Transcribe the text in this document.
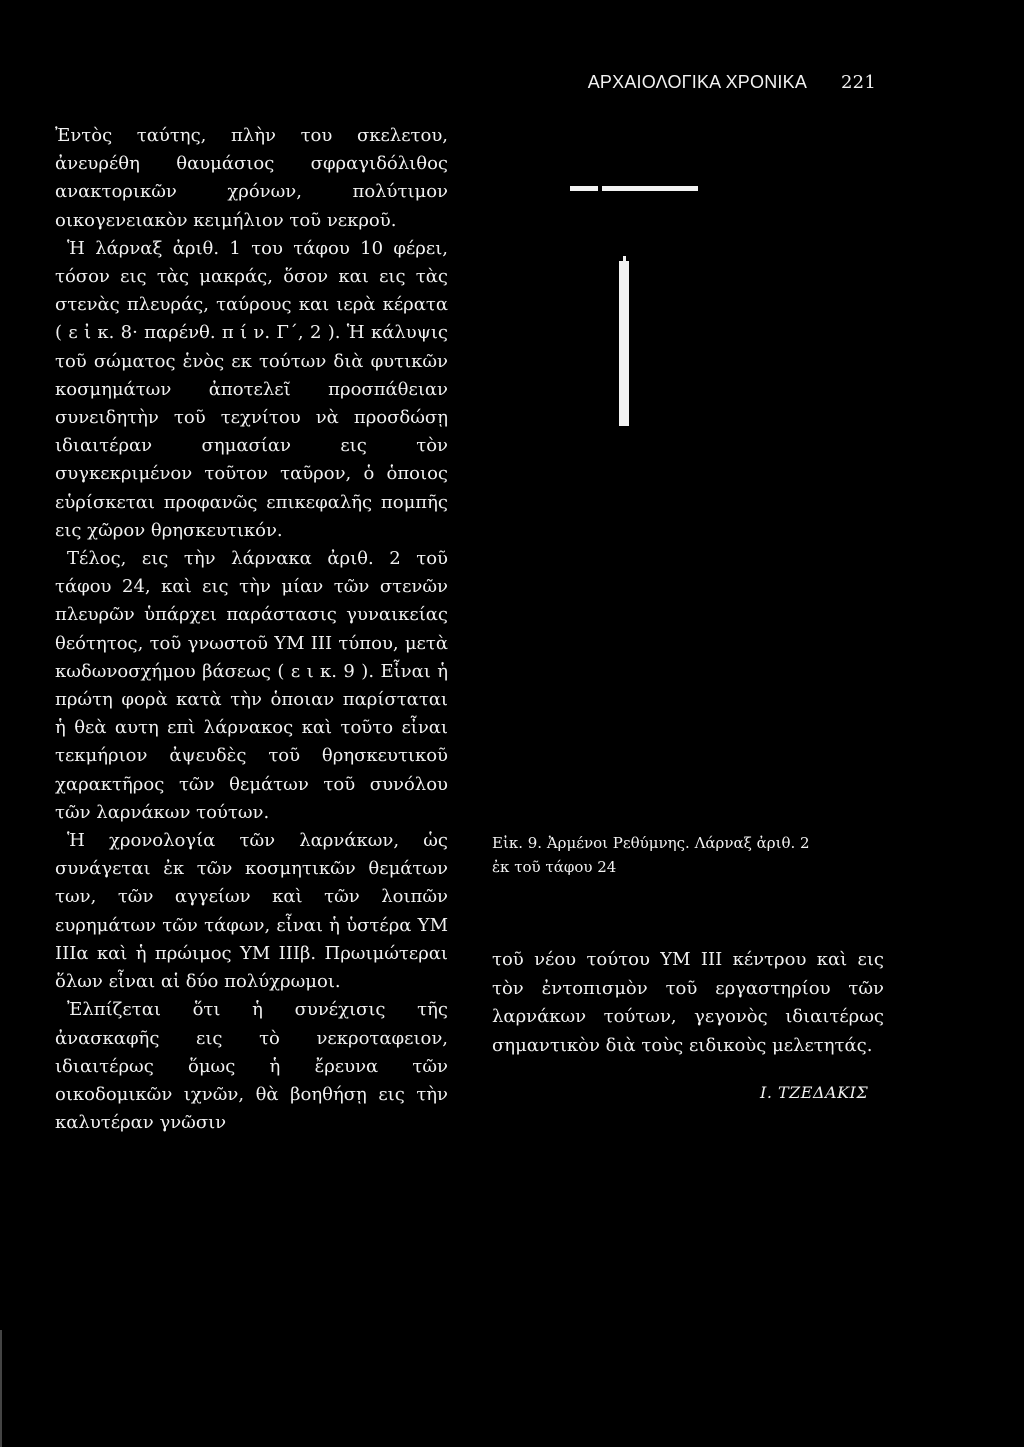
ΑΡΧΑΙΟΛΟΓΙΚΑ ΧΡΟΝΙΚΑ 221

Ἐντὸς ταύτης, πλὴν του σκελετου, ἀνευρέθη θαυμάσιος σφραγιδόλιθος ανακτορικῶν χρόνων, πολύτιμον οικογενειακὸν κειμήλιον τοῦ νεκροῦ.

Ἡ λάρναξ ἀριθ. 1 του τάφου 10 φέρει, τόσον εις τὰς μακράς, ὅσον και εις τὰς στενὰς πλευράς, ταύρους και ιερὰ κέρατα ( ε ἰ κ. 8· παρένθ. π ί ν. Γ΄, 2 ). Ἡ κάλυψις τοῦ σώματος ἑνὸς εκ τούτων διὰ φυτικῶν κοσμημάτων ἀποτελεῖ προσπάθειαν συνειδητὴν τοῦ τεχνίτου νὰ προσδώσῃ ιδιαιτέραν σημασίαν εις τὸν συγκεκριμένον τοῦτον ταῦρον, ὁ ὁποιος εὑρίσκεται προφανῶς επικεφαλῆς πομπῆς εις χῶρον θρησκευτικόν.

Τέλος, εις τὴν λάρνακα ἀριθ. 2 τοῦ τάφου 24, καὶ εις τὴν μίαν τῶν στενῶν πλευρῶν ὑπάρχει παράστασις γυναικείας θεότητος, τοῦ γνωστοῦ ΥΜ ΙΙΙ τύπου, μετὰ κωδωνοσχήμου βάσεως ( ε ι κ. 9 ). Εἶναι ἡ πρώτη φορὰ κατὰ τὴν ὁποιαν παρίσταται ἡ θεὰ αυτη επὶ λάρνακος καὶ τοῦτο εἶναι τεκμήριον ἀψευδὲς τοῦ θρησκευτικοῦ χαρακτῆρος τῶν θεμάτων τοῦ συνόλου τῶν λαρνάκων τούτων.

Ἡ χρονολογία τῶν λαρνάκων, ὡς συνάγεται ἐκ τῶν κοσμητικῶν θεμάτων των, τῶν αγγείων καὶ τῶν λοιπῶν ευρημάτων τῶν τάφων, εἶναι ἡ ὑστέρα ΥΜ ΙΙΙα καὶ ἡ πρώιμος ΥΜ ΙΙΙβ. Πρωιμώτεραι ὅλων εἶναι αἱ δύο πολύχρωμοι.

Ἐλπίζεται ὅτι ἡ συνέχισις τῆς ἀνασκαφῆς εις τὸ νεκροταφειον, ιδιαιτέρως ὅμως ἡ ἔρευνα τῶν οικοδομικῶν ιχνῶν, θὰ βοηθήσῃ εις τὴν καλυτέραν γνῶσιν

Εἰκ. 9. Ἀρμένοι Ρεθύμνης. Λάρναξ ἀριθ. 2
ἐκ τοῦ τάφου 24

τοῦ νέου τούτου ΥΜ ΙΙΙ κέντρου καὶ εις τὸν ἐντοπισμὸν τοῦ εργαστηρίου τῶν λαρνάκων τούτων, γεγονὸς ιδιαιτέρως σημαντικὸν διὰ τοὺς ειδικοὺς μελετητάς.

Ι. ΤΖΕΔΑΚΙΣ
